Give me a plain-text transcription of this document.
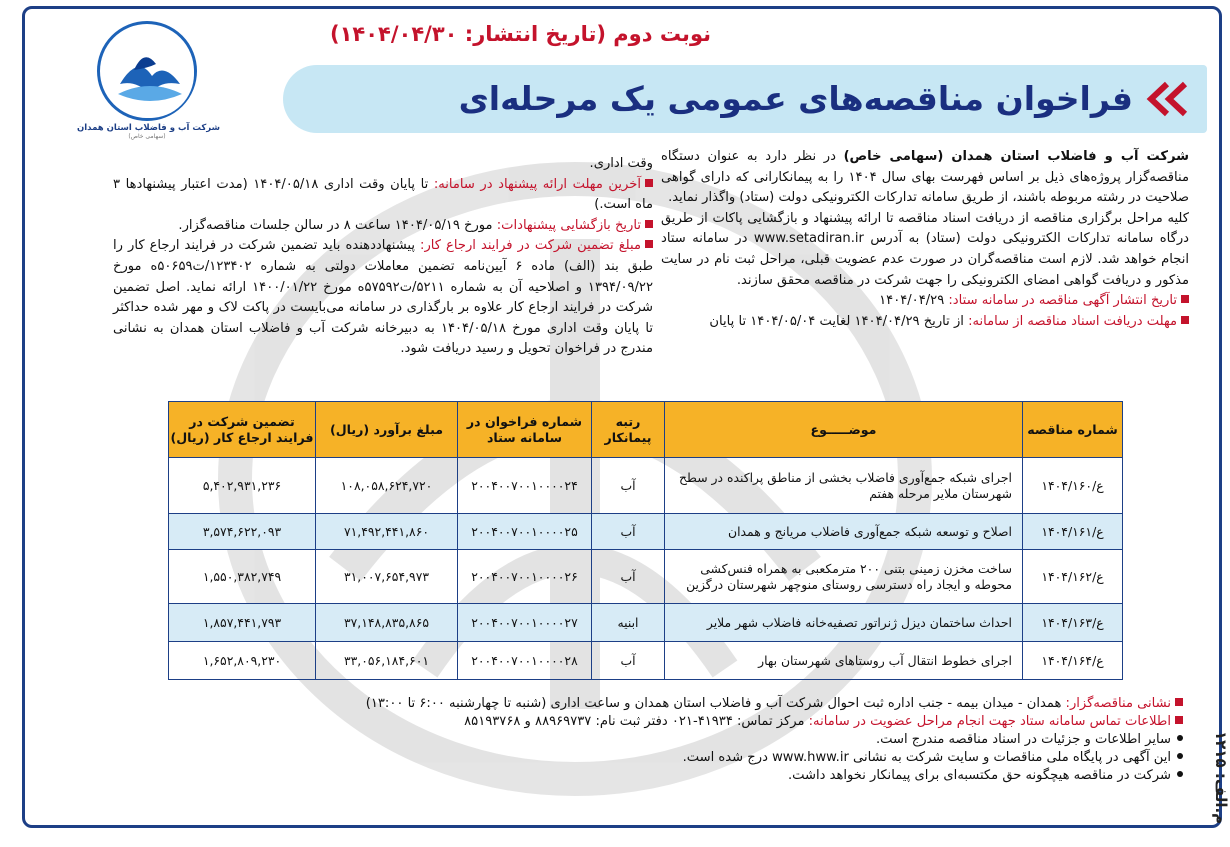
شرکت آب و فاضلاب استان همدان
(سهامی خاص)
نوبت دوم (تاریخ انتشار: ۱۴۰۴/۰۴/۳۰)
فراخوان مناقصه‌های عمومی یک مرحله‌ای

شرکت آب و فاضلاب استان همدان (سهامی خاص) در نظر دارد به عنوان دستگاه مناقصه‌گزار پروژه‌های ذیل بر اساس فهرست بهای سال ۱۴۰۴ را به پیمانکارانی که دارای گواهی صلاحیت در رشته مربوطه باشند، از طریق سامانه تدارکات الکترونیکی دولت (ستاد) واگذار نماید.

کلیه مراحل برگزاری مناقصه از دریافت اسناد مناقصه تا ارائه پیشنهاد و بازگشایی پاکات از طریق درگاه سامانه تدارکات الکترونیکی دولت (ستاد) به آدرس www.setadiran.ir در سامانه ستاد انجام خواهد شد. لازم است مناقصه‌گران در صورت عدم عضویت قبلی، مراحل ثبت نام در سایت مذکور و دریافت گواهی امضای الکترونیکی را جهت شرکت در مناقصه محقق سازند.

تاریخ انتشار آگهی مناقصه در سامانه ستاد: ۱۴۰۴/۰۴/۲۹

مهلت دریافت اسناد مناقصه از سامانه: از تاریخ ۱۴۰۴/۰۴/۲۹ لغایت ۱۴۰۴/۰۵/۰۴ تا پایان

وقت اداری.

آخرین مهلت ارائه پیشنهاد در سامانه: تا پایان وقت اداری ۱۴۰۴/۰۵/۱۸ (مدت اعتبار پیشنهادها ۳ ماه است.)

تاریخ بازگشایی پیشنهادات: مورخ ۱۴۰۴/۰۵/۱۹ ساعت ۸ در سالن جلسات مناقصه‌گزار.

مبلغ تضمین شرکت در فرایند ارجاع کار: پیشنهاددهنده باید تضمین شرکت در فرایند ارجاع کار را طبق بند (الف) ماده ۶ آیین‌نامه تضمین معاملات دولتی به شماره ۱۲۳۴۰۲/ت۵۰۶۵۹ه مورخ ۱۳۹۴/۰۹/۲۲ و اصلاحیه آن به شماره ۵۲۱۱/ت۵۷۵۹۲ه مورخ ۱۴۰۰/۰۱/۲۲ ارائه نماید. اصل تضمین شرکت در فرایند ارجاع کار علاوه بر بارگذاری در سامانه می‌بایست در پاکت لاک و مهر شده حداکثر تا پایان وقت اداری مورخ ۱۴۰۴/۰۵/۱۸ به دبیرخانه شرکت آب و فاضلاب استان همدان به نشانی مندرج در فراخوان تحویل و رسید دریافت شود.

شماره مناقصه	موضـــــوع	رتبه پیمانکار	شماره فراخوان در سامانه ستاد	مبلغ برآورد (ریال)	تضمین شرکت در فرایند ارجاع کار (ریال)
ع/۱۴۰۴/۱۶۰	اجرای شبکه جمع‌آوری فاضلاب بخشی از مناطق پراکنده در سطح شهرستان ملایر مرحله هفتم	آب	۲۰۰۴۰۰۷۰۰۱۰۰۰۰۲۴	۱۰۸,۰۵۸,۶۲۴,۷۲۰	۵,۴۰۲,۹۳۱,۲۳۶
ع/۱۴۰۴/۱۶۱	اصلاح و توسعه شبکه جمع‌آوری فاضلاب مریانج و همدان	آب	۲۰۰۴۰۰۷۰۰۱۰۰۰۰۲۵	۷۱,۴۹۲,۴۴۱,۸۶۰	۳,۵۷۴,۶۲۲,۰۹۳
ع/۱۴۰۴/۱۶۲	ساخت مخزن زمینی بتنی ۲۰۰ مترمکعبی به همراه فنس‌کشی محوطه و ایجاد راه دسترسی روستای منوچهر شهرستان درگزین	آب	۲۰۰۴۰۰۷۰۰۱۰۰۰۰۲۶	۳۱,۰۰۷,۶۵۴,۹۷۳	۱,۵۵۰,۳۸۲,۷۴۹
ع/۱۴۰۴/۱۶۳	احداث ساختمان دیزل ژنراتور تصفیه‌خانه فاضلاب شهر ملایر	ابنیه	۲۰۰۴۰۰۷۰۰۱۰۰۰۰۲۷	۳۷,۱۴۸,۸۳۵,۸۶۵	۱,۸۵۷,۴۴۱,۷۹۳
ع/۱۴۰۴/۱۶۴	اجرای خطوط انتقال آب روستاهای شهرستان بهار	آب	۲۰۰۴۰۰۷۰۰۱۰۰۰۰۲۸	۳۳,۰۵۶,۱۸۴,۶۰۱	۱,۶۵۲,۸۰۹,۲۳۰

نشانی مناقصه‌گزار: همدان - میدان بیمه - جنب اداره ثبت احوال شرکت آب و فاضلاب استان همدان و ساعت اداری (شنبه تا چهارشنبه ۶:۰۰ تا ۱۳:۰۰)

اطلاعات تماس سامانه ستاد جهت انجام مراحل عضویت در سامانه: مرکز تماس: ۴۱۹۳۴-۰۲۱ دفتر ثبت نام: ۸۸۹۶۹۷۳۷ و ۸۵۱۹۳۷۶۸

سایر اطلاعات و جزئیات در اسناد مناقصه مندرج است.

این آگهی در پایگاه ملی مناقصات و سایت شرکت به نشانی www.hww.ir درج شده است.

شرکت در مناقصه هیچگونه حق مکتسبه‌ای برای پیمانکار نخواهد داشت.

م.الف: ۱۲۱۵
